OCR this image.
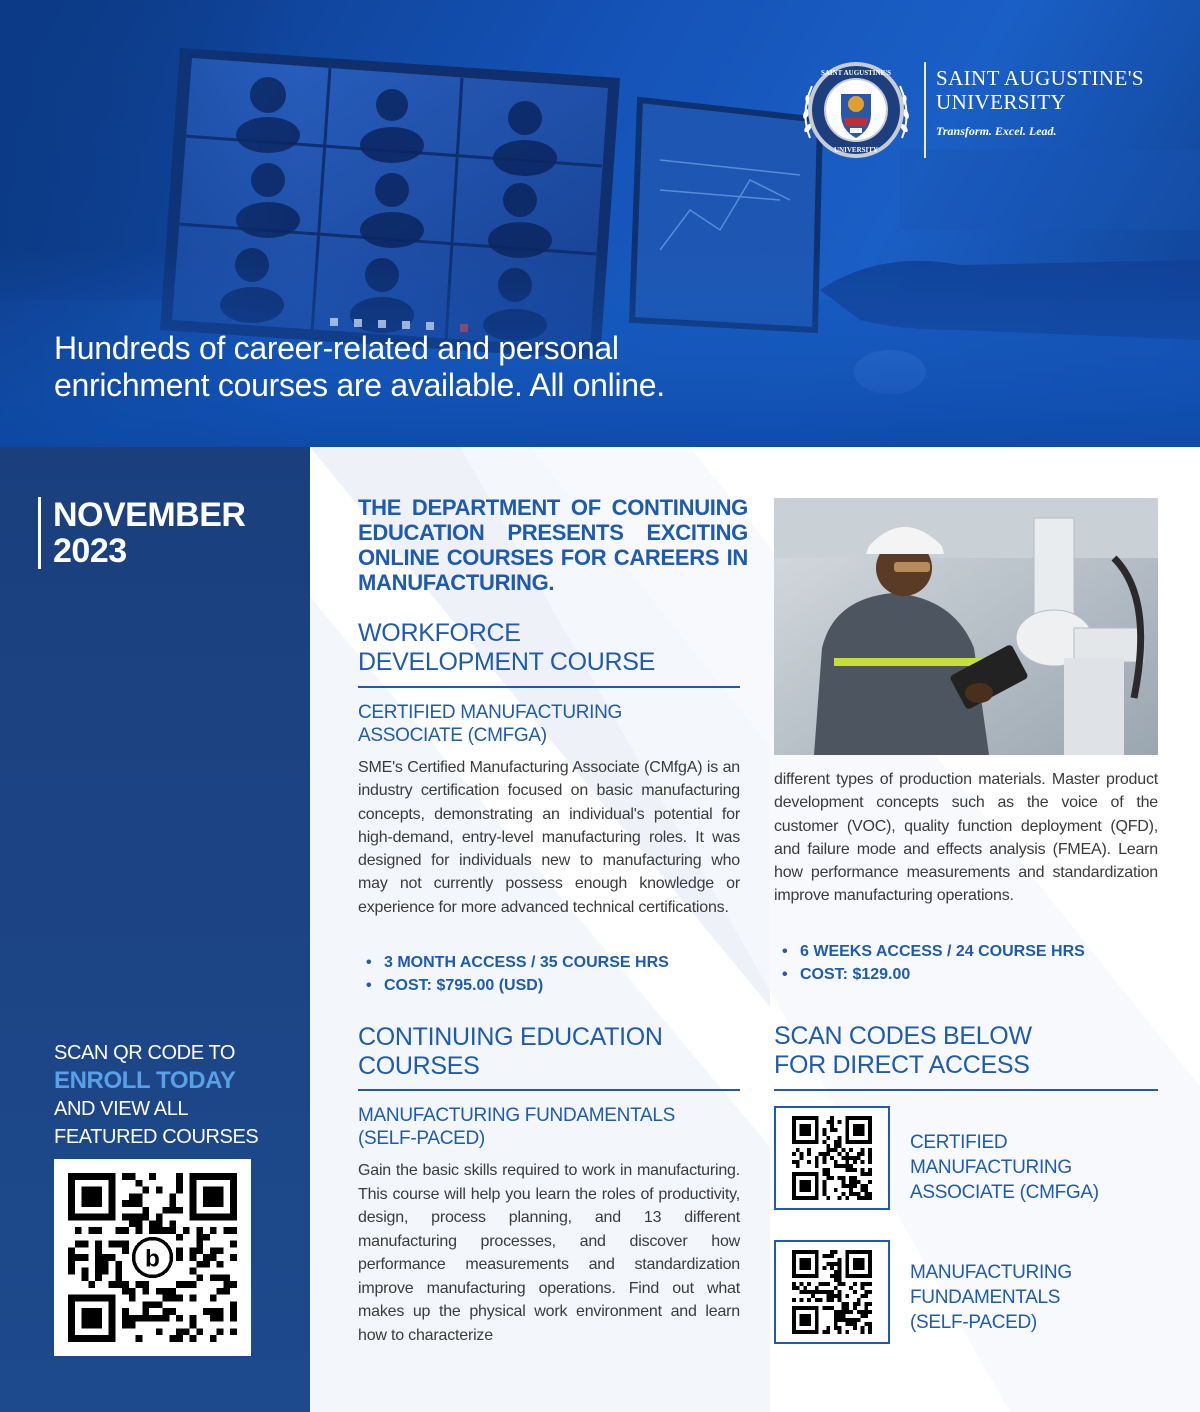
Hundreds of career-related and personal
enrichment courses are available. All online.
SAINT AUGUSTINE'S
UNIVERSITY
SAINT AUGUSTINE'S
UNIVERSITY
Transform. Excel. Lead.
NOVEMBER
2023
SCAN QR CODE TO
ENROLL TODAY
AND VIEW ALL
FEATURED COURSES
b
THE DEPARTMENT OF CONTINUING EDUCATION PRESENTS EXCITING ONLINE COURSES FOR CAREERS IN MANUFACTURING.
WORKFORCE
DEVELOPMENT COURSE
CERTIFIED MANUFACTURING
ASSOCIATE (CMFGA)

SME's Certified Manufacturing Associate (CMfgA) is an industry certification focused on basic manufacturing concepts, demonstrating an individual's potential for high-demand, entry-level manufacturing roles. It was designed for individuals new to manufacturing who may not currently possess enough knowledge or experience for more advanced technical certifications.

• 3 MONTH ACCESS / 35 COURSE HRS
• COST: $795.00 (USD)
CONTINUING EDUCATION
COURSES
MANUFACTURING FUNDAMENTALS
(SELF-PACED)

Gain the basic skills required to work in manufacturing. This course will help you learn the roles of productivity, design, process planning, and 13 different manufacturing processes, and discover how performance measurements and standardization improve manufacturing operations. Find out what makes up the physical work environment and learn how to characterize

different types of production materials. Master product development concepts such as the voice of the customer (VOC), quality function deployment (QFD), and failure mode and effects analysis (FMEA). Learn how performance measurements and standardization improve manufacturing operations.

• 6 WEEKS ACCESS / 24 COURSE HRS
• COST: $129.00
SCAN CODES BELOW
FOR DIRECT ACCESS
CERTIFIED
MANUFACTURING
ASSOCIATE (CMFGA)
MANUFACTURING
FUNDAMENTALS
(SELF-PACED)
